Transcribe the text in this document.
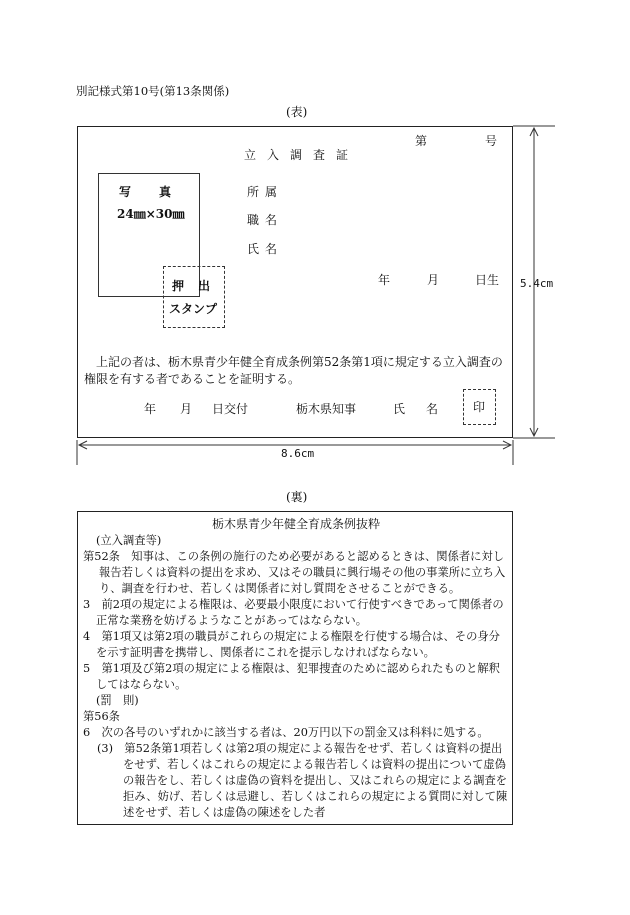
別記様式第10号(第13条関係)
(表)
第	号
立入調査証
写真
24㎜×30㎜
押出
スタンプ
所属
職名
氏名
年	月	日生
上記の者は、栃木県青少年健全育成条例第52条第1項に規定する立入調査の権限を有する者であることを証明する。
年 月 日交付	栃木県知事	氏 名	印
8.6cm
5.4cm
(裏)
栃木県青少年健全育成条例抜粋

(立入調査等)

第52条　知事は、この条例の施行のため必要があると認めるときは、関係者に対し報告若しくは資料の提出を求め、又はその職員に興行場その他の事業所に立ち入り、調査を行わせ、若しくは関係者に対し質問をさせることができる。

3　前2項の規定による権限は、必要最小限度において行使すべきであって関係者の正常な業務を妨げるようなことがあってはならない。

4　第1項又は第2項の職員がこれらの規定による権限を行使する場合は、その身分を示す証明書を携帯し、関係者にこれを提示しなければならない。

5　第1項及び第2項の規定による権限は、犯罪捜査のために認められたものと解釈してはならない。

(罰　則)

第56条

6　次の各号のいずれかに該当する者は、20万円以下の罰金又は科料に処する。

(3)　第52条第1項若しくは第2項の規定による報告をせず、若しくは資料の提出をせず、若しくはこれらの規定による報告若しくは資料の提出について虚偽の報告をし、若しくは虚偽の資料を提出し、又はこれらの規定による調査を拒み、妨げ、若しくは忌避し、若しくはこれらの規定による質問に対して陳述をせず、若しくは虚偽の陳述をした者
